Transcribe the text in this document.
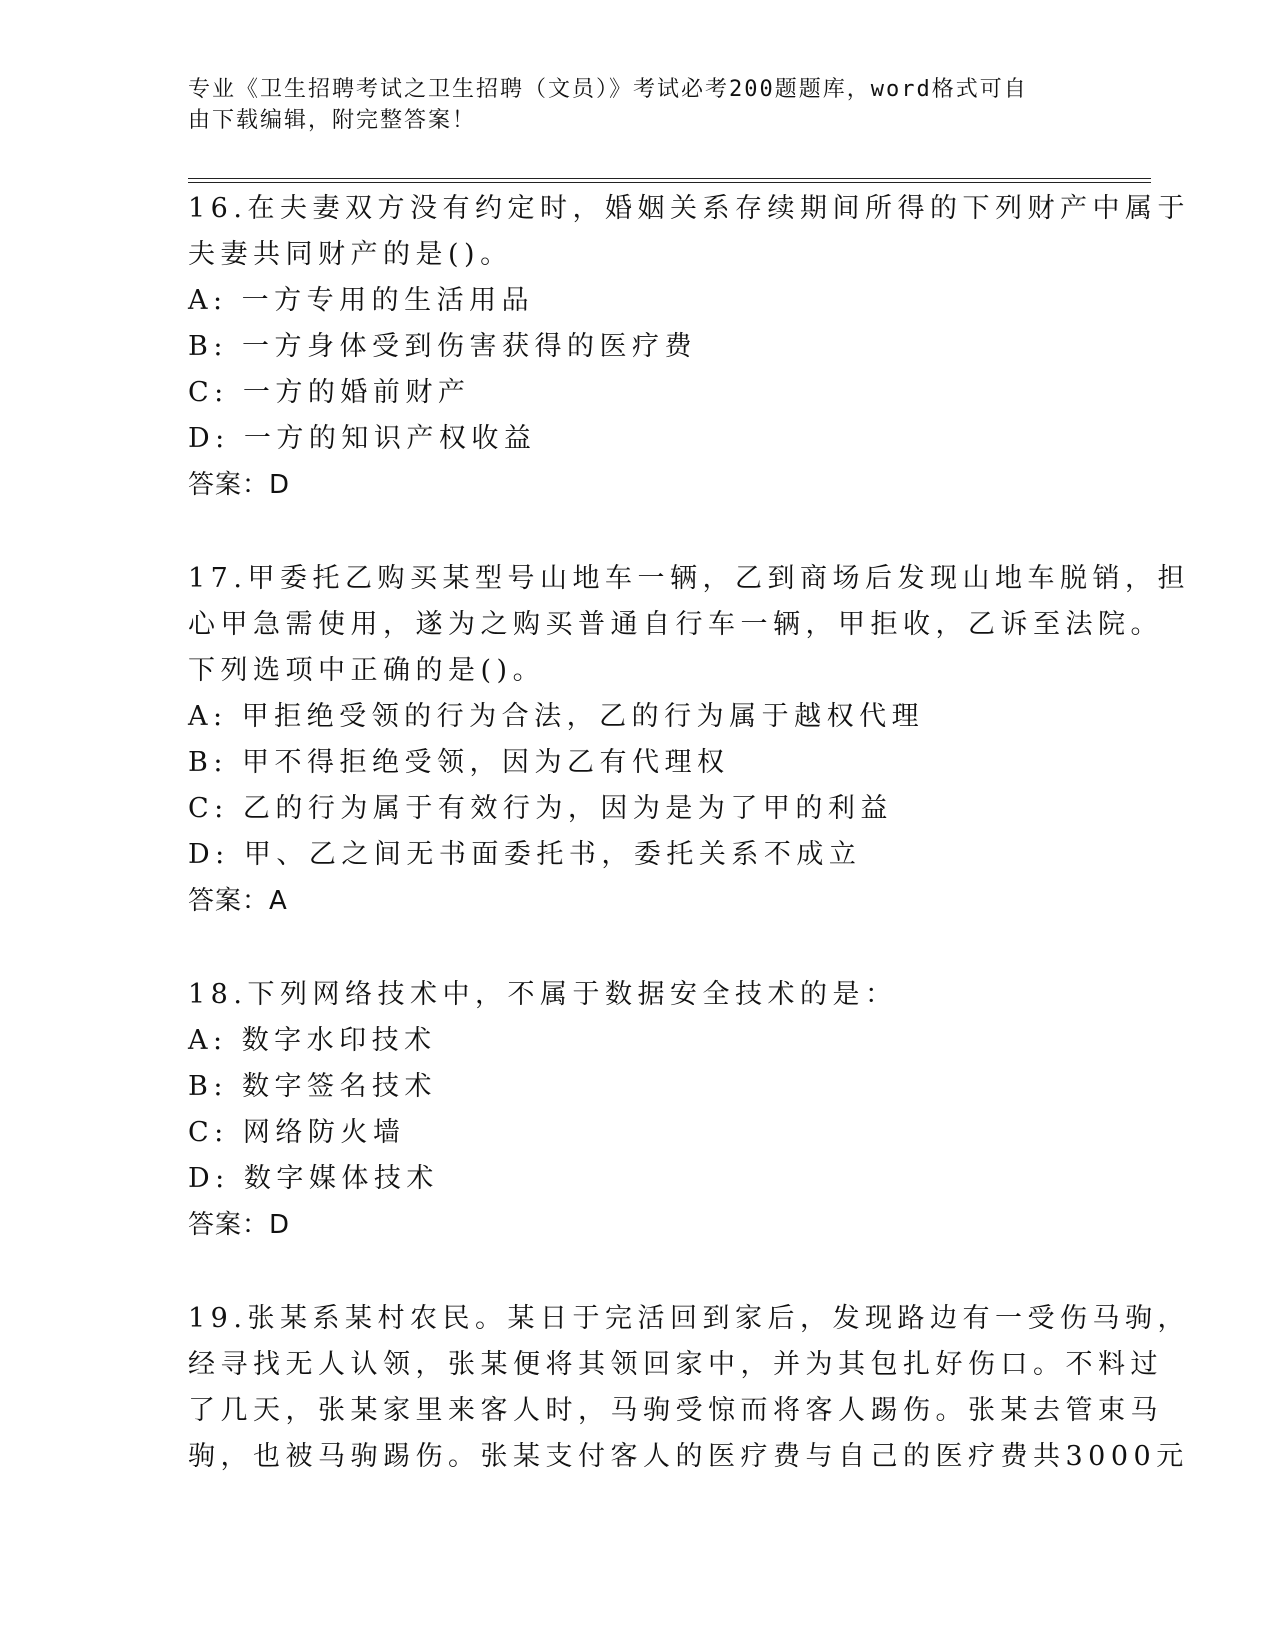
专业《卫生招聘考试之卫生招聘（文员）》考试必考200题题库，word格式可自
由下载编辑，附完整答案！
16.在夫妻双方没有约定时，婚姻关系存续期间所得的下列财产中属于
夫妻共同财产的是()。
A: 一方专用的生活用品
B: 一方身体受到伤害获得的医疗费
C: 一方的婚前财产
D: 一方的知识产权收益
答案：D
17.甲委托乙购买某型号山地车一辆，乙到商场后发现山地车脱销，担
心甲急需使用，遂为之购买普通自行车一辆，甲拒收，乙诉至法院。
下列选项中正确的是()。
A: 甲拒绝受领的行为合法，乙的行为属于越权代理
B: 甲不得拒绝受领，因为乙有代理权
C: 乙的行为属于有效行为，因为是为了甲的利益
D: 甲、乙之间无书面委托书，委托关系不成立
答案：A
18.下列网络技术中，不属于数据安全技术的是：
A: 数字水印技术
B: 数字签名技术
C: 网络防火墙
D: 数字媒体技术
答案：D
19.张某系某村农民。某日于完活回到家后，发现路边有一受伤马驹，
经寻找无人认领，张某便将其领回家中，并为其包扎好伤口。不料过
了几天，张某家里来客人时，马驹受惊而将客人踢伤。张某去管束马
驹，也被马驹踢伤。张某支付客人的医疗费与自己的医疗费共3000元
